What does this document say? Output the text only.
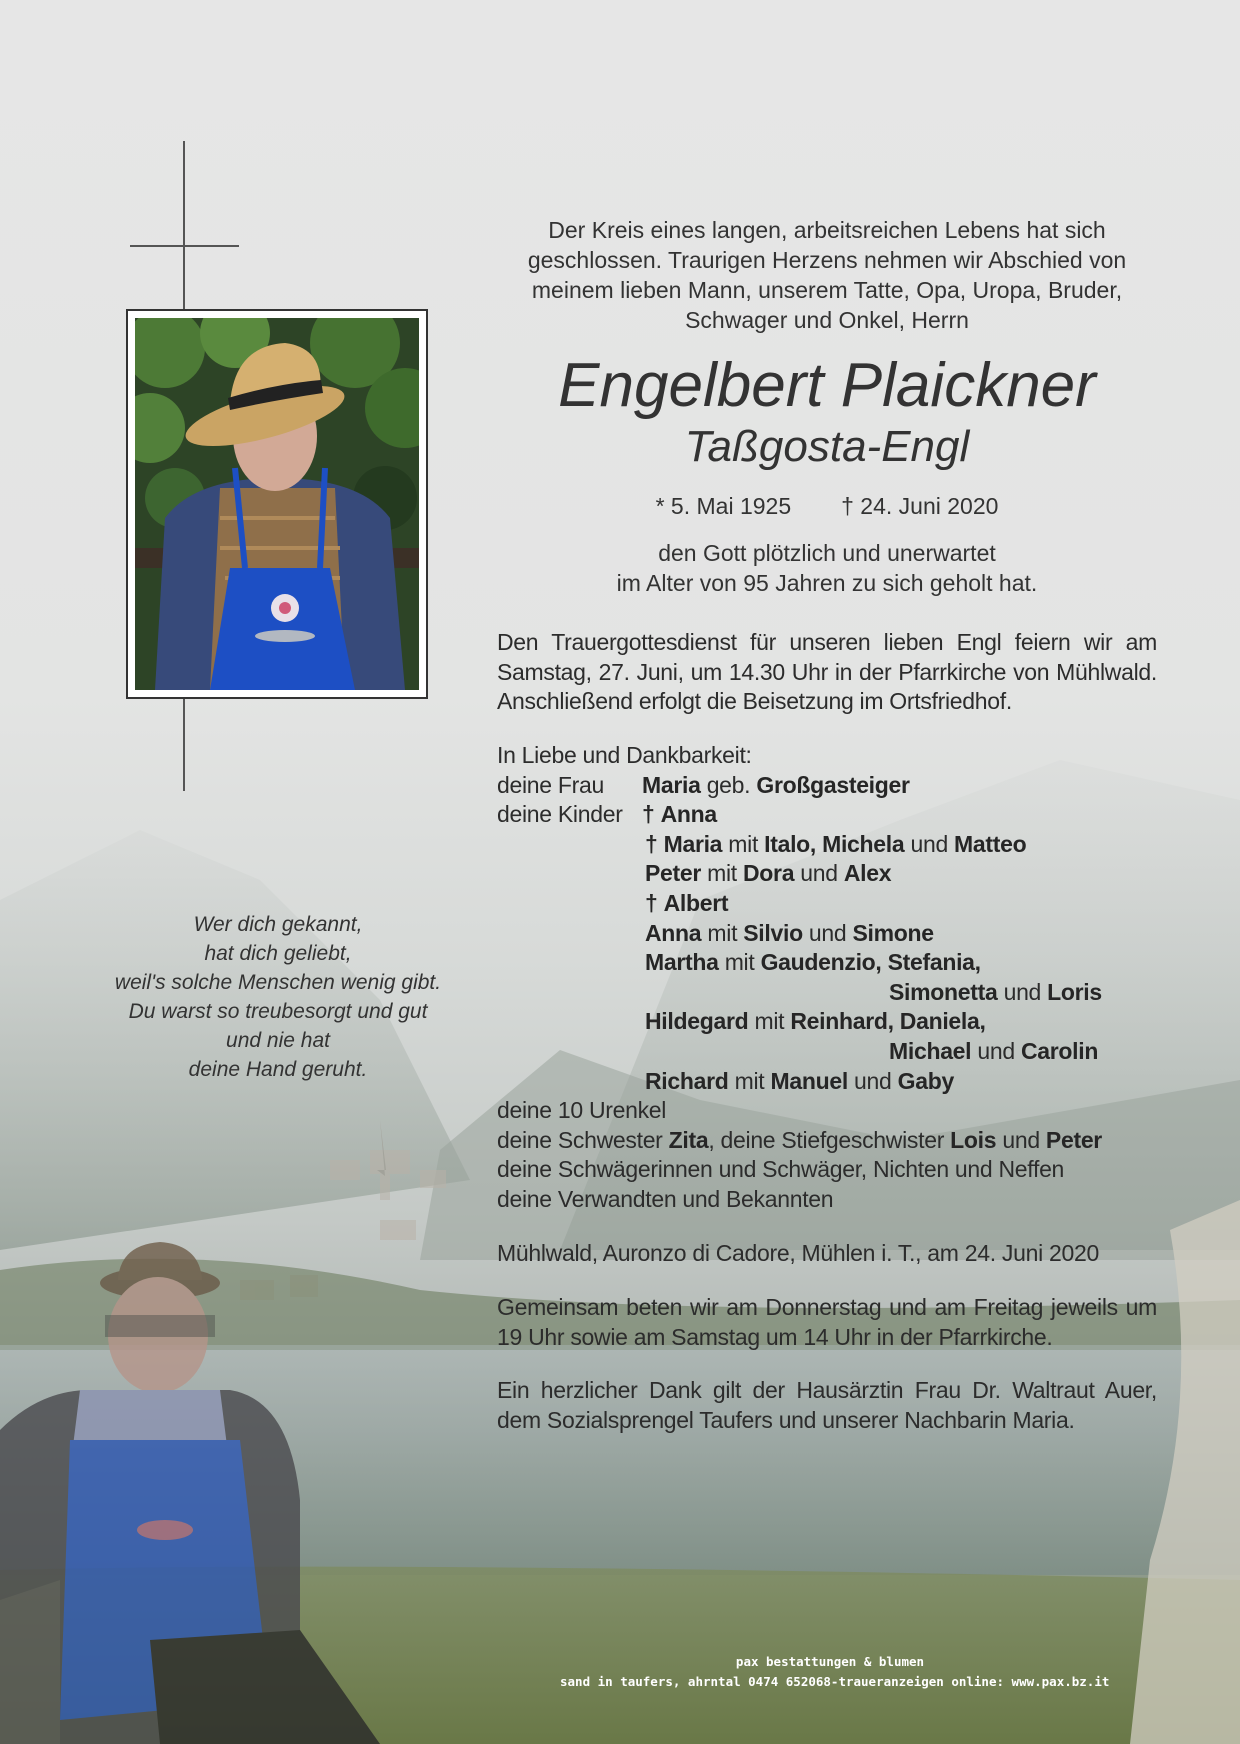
Wer dich gekannt,
hat dich geliebt,
weil's solche Menschen wenig gibt.
Du warst so treubesorgt und gut
und nie hat
deine Hand geruht.
Der Kreis eines langen, arbeitsreichen Lebens hat sich
geschlossen. Traurigen Herzens nehmen wir Abschied von
meinem lieben Mann, unserem Tatte, Opa, Uropa, Bruder,
Schwager und Onkel, Herrn
Engelbert Plaickner
Taßgosta-Engl
* 5. Mai 1925 † 24. Juni 2020
den Gott plötzlich und unerwartet
im Alter von 95 Jahren zu sich geholt hat.
Den Trauergottesdienst für unseren lieben Engl feiern wir am
Samstag, 27. Juni, um 14.30 Uhr in der Pfarrkirche von Mühlwald.
Anschließend erfolgt die Beisetzung im Ortsfriedhof.
In Liebe und Dankbarkeit:
deine Frau Maria geb. Großgasteiger
deine Kinder † Anna
† Maria mit Italo, Michela und Matteo
Peter mit Dora und Alex
† Albert
Anna mit Silvio und Simone
Martha mit Gaudenzio, Stefania,
Simonetta und Loris
Hildegard mit Reinhard, Daniela,
Michael und Carolin
Richard mit Manuel und Gaby
deine 10 Urenkel
deine Schwester Zita, deine Stiefgeschwister Lois und Peter
deine Schwägerinnen und Schwäger, Nichten und Neffen
deine Verwandten und Bekannten
Mühlwald, Auronzo di Cadore, Mühlen i. T., am 24. Juni 2020
Gemeinsam beten wir am Donnerstag und am Freitag jeweils um
19 Uhr sowie am Samstag um 14 Uhr in der Pfarrkirche.
Ein herzlicher Dank gilt der Hausärztin Frau Dr. Waltraut Auer,
dem Sozialsprengel Taufers und unserer Nachbarin Maria.
pax bestattungen & blumen
sand in taufers, ahrntal 0474 652068-traueranzeigen online: www.pax.bz.it
